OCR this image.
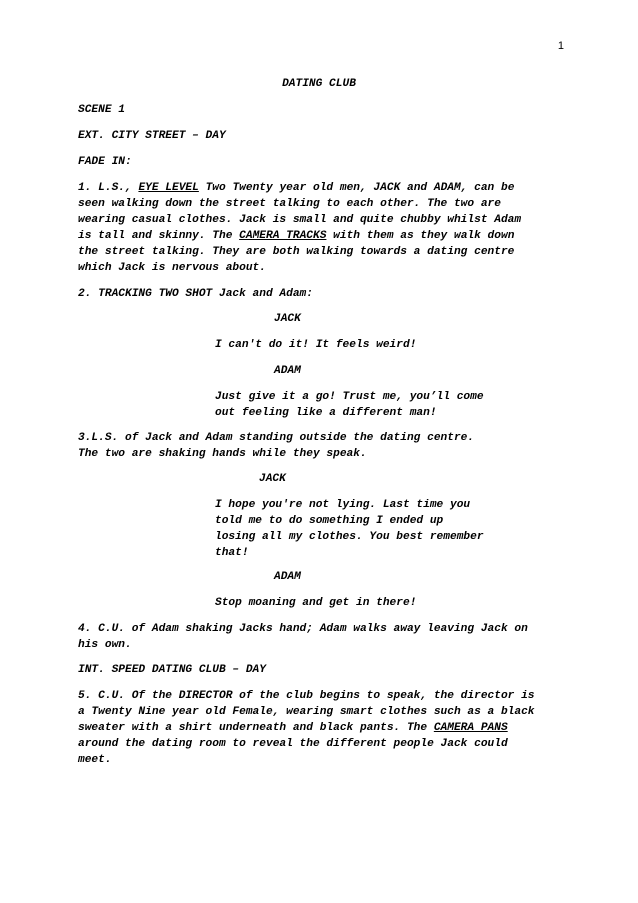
1
DATING CLUB
SCENE 1
EXT. CITY STREET – DAY
FADE IN:
1. L.S., EYE LEVEL Two Twenty year old men, JACK and ADAM, can be
seen walking down the street talking to each other. The two are
wearing casual clothes. Jack is small and quite chubby whilst Adam
is tall and skinny. The CAMERA TRACKS with them as they walk down
the street talking. They are both walking towards a dating centre
which Jack is nervous about.
2. TRACKING TWO SHOT Jack and Adam:
JACK
I can't do it! It feels weird!
ADAM
Just give it a go! Trust me, you’ll come
out feeling like a different man!
3.L.S. of Jack and Adam standing outside the dating centre.
The two are shaking hands while they speak.
JACK
I hope you're not lying. Last time you
told me to do something I ended up
losing all my clothes. You best remember
that!
ADAM
Stop moaning and get in there!
4. C.U. of Adam shaking Jacks hand; Adam walks away leaving Jack on
his own.
INT. SPEED DATING CLUB – DAY
5. C.U. Of the DIRECTOR of the club begins to speak, the director is
a Twenty Nine year old Female, wearing smart clothes such as a black
sweater with a shirt underneath and black pants. The CAMERA PANS
around the dating room to reveal the different people Jack could
meet.
